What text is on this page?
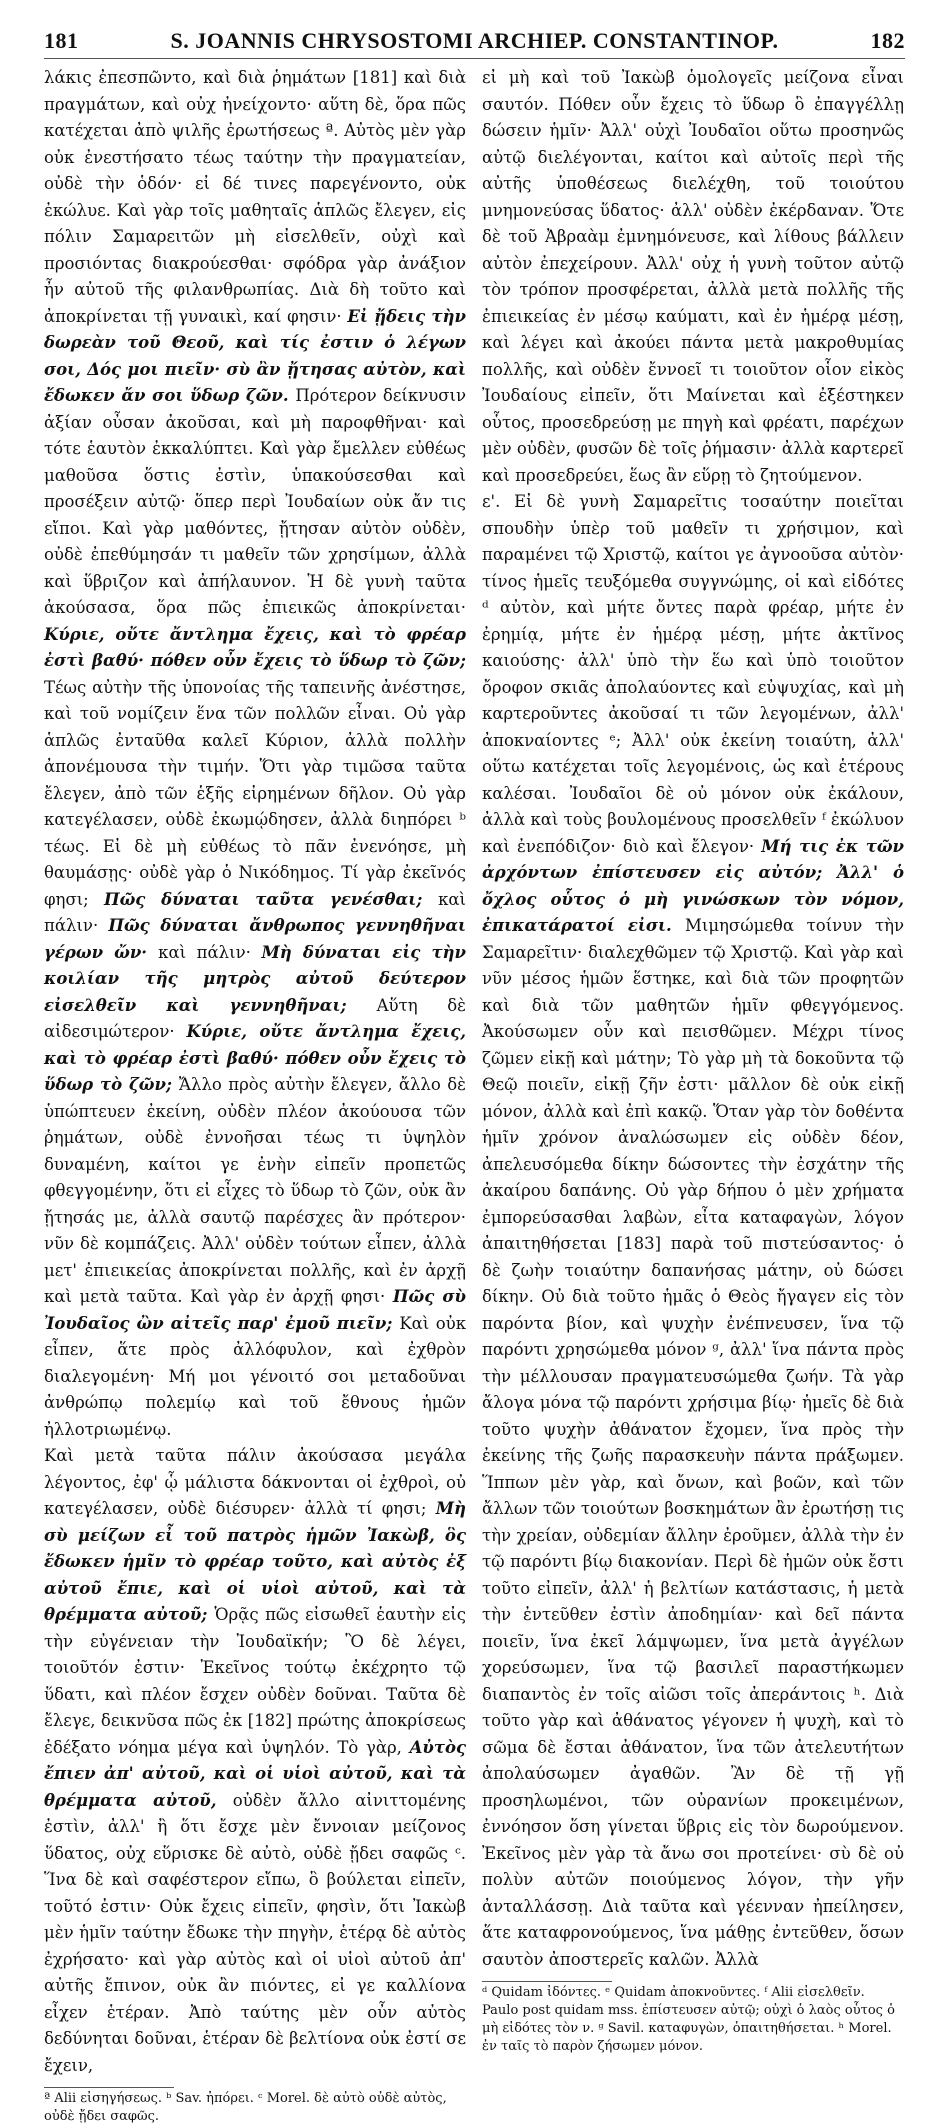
181	S. JOANNIS CHRYSOSTOMI ARCHIEP. CONSTANTINOP.	182

λάκις ἐπεσπῶντο, καὶ διὰ ῥημάτων [181] καὶ διὰ πραγμάτων, καὶ οὐχ ἠνείχοντο· αὕτη δὲ, ὅρα πῶς κατέχεται ἀπὸ ψιλῆς ἐρωτήσεως ª. Αὐτὸς μὲν γὰρ οὐκ ἐνεστήσατο τέως ταύτην τὴν πραγματείαν, οὐδὲ τὴν ὁδόν· εἰ δέ τινες παρεγένοντο, οὐκ ἐκώλυε. Καὶ γὰρ τοῖς μαθηταῖς ἁπλῶς ἔλεγεν, εἰς πόλιν Σαμαρειτῶν μὴ εἰσελθεῖν, οὐχὶ καὶ προσιόντας διακρούεσθαι· σφόδρα γὰρ ἀνάξιον ἦν αὐτοῦ τῆς φιλανθρωπίας. Διὰ δὴ τοῦτο καὶ ἀποκρίνεται τῇ γυναικὶ, καί φησιν· Εἰ ᾔδεις τὴν δωρεὰν τοῦ Θεοῦ, καὶ τίς ἐστιν ὁ λέγων σοι, Δός μοι πιεῖν· σὺ ἂν ᾔτησας αὐτὸν, καὶ ἔδωκεν ἄν σοι ὕδωρ ζῶν. Πρότερον δείκνυσιν ἀξίαν οὖσαν ἀκοῦσαι, καὶ μὴ παροφθῆναι· καὶ τότε ἑαυτὸν ἐκκαλύπτει. Καὶ γὰρ ἔμελλεν εὐθέως μαθοῦσα ὅστις ἐστὶν, ὑπακούσεσθαι καὶ προσέξειν αὐτῷ· ὅπερ περὶ Ἰουδαίων οὐκ ἄν τις εἴποι. Καὶ γὰρ μαθόντες, ᾔτησαν αὐτὸν οὐδὲν, οὐδὲ ἐπεθύμησάν τι μαθεῖν τῶν χρησίμων, ἀλλὰ καὶ ὕβριζον καὶ ἀπήλαυνον. Ἡ δὲ γυνὴ ταῦτα ἀκούσασα, ὅρα πῶς ἐπιεικῶς ἀποκρίνεται· Κύριε, οὔτε ἄντλημα ἔχεις, καὶ τὸ φρέαρ ἐστὶ βαθύ· πόθεν οὖν ἔχεις τὸ ὕδωρ τὸ ζῶν; Τέως αὐτὴν τῆς ὑπονοίας τῆς ταπεινῆς ἀνέστησε, καὶ τοῦ νομίζειν ἕνα τῶν πολλῶν εἶναι. Οὐ γὰρ ἁπλῶς ἐνταῦθα καλεῖ Κύριον, ἀλλὰ πολλὴν ἀπονέμουσα τὴν τιμήν. Ὅτι γὰρ τιμῶσα ταῦτα ἔλεγεν, ἀπὸ τῶν ἑξῆς εἰρημένων δῆλον. Οὐ γὰρ κατεγέλασεν, οὐδὲ ἐκωμῴδησεν, ἀλλὰ διηπόρει ᵇ τέως. Εἰ δὲ μὴ εὐθέως τὸ πᾶν ἐνενόησε, μὴ θαυμάσῃς· οὐδὲ γὰρ ὁ Νικόδημος. Τί γὰρ ἐκεῖνός φησι; Πῶς δύναται ταῦτα γενέσθαι; καὶ πάλιν· Πῶς δύναται ἄνθρωπος γεννηθῆναι γέρων ὤν· καὶ πάλιν· Μὴ δύναται εἰς τὴν κοιλίαν τῆς μητρὸς αὐτοῦ δεύτερον εἰσελθεῖν καὶ γεννηθῆναι; Αὕτη δὲ αἰδεσιμώτερον· Κύριε, οὔτε ἄντλημα ἔχεις, καὶ τὸ φρέαρ ἐστὶ βαθύ· πόθεν οὖν ἔχεις τὸ ὕδωρ τὸ ζῶν; Ἄλλο πρὸς αὐτὴν ἔλεγεν, ἄλλο δὲ ὑπώπτευεν ἐκείνη, οὐδὲν πλέον ἀκούουσα τῶν ῥημάτων, οὐδὲ ἐννοῆσαι τέως τι ὑψηλὸν δυναμένη, καίτοι γε ἐνὴν εἰπεῖν προπετῶς φθεγγομένην, ὅτι εἰ εἶχες τὸ ὕδωρ τὸ ζῶν, οὐκ ἂν ᾔτησάς με, ἀλλὰ σαυτῷ παρέσχες ἂν πρότερον· νῦν δὲ κομπάζεις. Ἀλλ' οὐδὲν τούτων εἶπεν, ἀλλὰ μετ' ἐπιεικείας ἀποκρίνεται πολλῆς, καὶ ἐν ἀρχῇ καὶ μετὰ ταῦτα. Καὶ γὰρ ἐν ἀρχῇ φησι· Πῶς σὺ Ἰουδαῖος ὢν αἰτεῖς παρ' ἐμοῦ πιεῖν; Καὶ οὐκ εἶπεν, ἅτε πρὸς ἀλλόφυλον, καὶ ἐχθρὸν διαλεγομένη· Μή μοι γένοιτό σοι μεταδοῦναι ἀνθρώπῳ πολεμίῳ καὶ τοῦ ἔθνους ἡμῶν ἠλλοτριωμένῳ.

Καὶ μετὰ ταῦτα πάλιν ἀκούσασα μεγάλα λέγοντος, ἐφ' ᾧ μάλιστα δάκνονται οἱ ἐχθροὶ, οὐ κατεγέλασεν, οὐδὲ διέσυρεν· ἀλλὰ τί φησι; Μὴ σὺ μείζων εἶ τοῦ πατρὸς ἡμῶν Ἰακὼβ, ὃς ἔδωκεν ἡμῖν τὸ φρέαρ τοῦτο, καὶ αὐτὸς ἐξ αὐτοῦ ἔπιε, καὶ οἱ υἱοὶ αὐτοῦ, καὶ τὰ θρέμματα αὐτοῦ; Ὁρᾷς πῶς εἰσωθεῖ ἑαυτὴν εἰς τὴν εὐγένειαν τὴν Ἰουδαϊκήν; Ὃ δὲ λέγει, τοιοῦτόν ἐστιν· Ἐκεῖνος τούτῳ ἐκέχρητο τῷ ὕδατι, καὶ πλέον ἔσχεν οὐδὲν δοῦναι. Ταῦτα δὲ ἔλεγε, δεικνῦσα πῶς ἐκ [182] πρώτης ἀποκρίσεως ἐδέξατο νόημα μέγα καὶ ὑψηλόν. Τὸ γὰρ, Αὐτὸς ἔπιεν ἀπ' αὐτοῦ, καὶ οἱ υἱοὶ αὐτοῦ, καὶ τὰ θρέμματα αὐτοῦ, οὐδὲν ἄλλο αἰνιττομένης ἐστὶν, ἀλλ' ἢ ὅτι ἔσχε μὲν ἔννοιαν μείζονος ὕδατος, οὐχ εὕρισκε δὲ αὐτὸ, οὐδὲ ᾔδει σαφῶς ᶜ. Ἵνα δὲ καὶ σαφέστερον εἴπω, ὃ βούλεται εἰπεῖν, τοῦτό ἐστιν· Οὐκ ἔχεις εἰπεῖν, φησὶν, ὅτι Ἰακὼβ μὲν ἡμῖν ταύτην ἔδωκε τὴν πηγὴν, ἑτέρᾳ δὲ αὐτὸς ἐχρήσατο· καὶ γὰρ αὐτὸς καὶ οἱ υἱοὶ αὐτοῦ ἀπ' αὐτῆς ἔπινον, οὐκ ἂν πιόντες, εἰ γε καλλίονα εἶχεν ἑτέραν. Ἀπὸ ταύτης μὲν οὖν αὐτὸς δεδύνηται δοῦναι, ἑτέραν δὲ βελτίονα οὐκ ἐστί σε ἔχειν,

ª Alii εἰσηγήσεως. ᵇ Sav. ἠπόρει. ᶜ Morel. δὲ αὐτὸ οὐδὲ αὐτὸς, οὐδὲ ᾔδει σαφῶς.

εἰ μὴ καὶ τοῦ Ἰακὼβ ὁμολογεῖς μείζονα εἶναι σαυτόν. Πόθεν οὖν ἔχεις τὸ ὕδωρ ὃ ἐπαγγέλλῃ δώσειν ἡμῖν· Ἀλλ' οὐχὶ Ἰουδαῖοι οὕτω προσηνῶς αὐτῷ διελέγονται, καίτοι καὶ αὐτοῖς περὶ τῆς αὐτῆς ὑποθέσεως διελέχθη, τοῦ τοιούτου μνημονεύσας ὕδατος· ἀλλ' οὐδὲν ἐκέρδαναν. Ὅτε δὲ τοῦ Ἀβραὰμ ἐμνημόνευσε, καὶ λίθους βάλλειν αὐτὸν ἐπεχείρουν. Ἀλλ' οὐχ ἡ γυνὴ τοῦτον αὐτῷ τὸν τρόπον προσφέρεται, ἀλλὰ μετὰ πολλῆς τῆς ἐπιεικείας ἐν μέσῳ καύματι, καὶ ἐν ἡμέρᾳ μέσῃ, καὶ λέγει καὶ ἀκούει πάντα μετὰ μακροθυμίας πολλῆς, καὶ οὐδὲν ἔννοεῖ τι τοιοῦτον οἷον εἰκὸς Ἰουδαίους εἰπεῖν, ὅτι Μαίνεται καὶ ἐξέστηκεν οὗτος, προσεδρεύσῃ με πηγὴ καὶ φρέατι, παρέχων μὲν οὐδὲν, φυσῶν δὲ τοῖς ῥήμασιν· ἀλλὰ καρτερεῖ καὶ προσεδρεύει, ἕως ἂν εὕρῃ τὸ ζητούμενον.

ε'. Εἰ δὲ γυνὴ Σαμαρεῖτις τοσαύτην ποιεῖται σπουδὴν ὑπὲρ τοῦ μαθεῖν τι χρήσιμον, καὶ παραμένει τῷ Χριστῷ, καίτοι γε ἀγνοοῦσα αὐτὸν· τίνος ἡμεῖς τευξόμεθα συγγνώμης, οἱ καὶ εἰδότες ᵈ αὐτὸν, καὶ μήτε ὄντες παρὰ φρέαρ, μήτε ἐν ἐρημίᾳ, μήτε ἐν ἡμέρᾳ μέσῃ, μήτε ἀκτῖνος καιούσης· ἀλλ' ὑπὸ τὴν ἕω καὶ ὑπὸ τοιοῦτον ὄροφον σκιᾶς ἀπολαύοντες καὶ εὐψυχίας, καὶ μὴ καρτεροῦντες ἀκοῦσαί τι τῶν λεγομένων, ἀλλ' ἀποκναίοντες ᵉ; Ἀλλ' οὐκ ἐκείνη τοιαύτη, ἀλλ' οὕτω κατέχεται τοῖς λεγομένοις, ὡς καὶ ἑτέρους καλέσαι. Ἰουδαῖοι δὲ οὐ μόνον οὐκ ἐκάλουν, ἀλλὰ καὶ τοὺς βουλομένους προσελθεῖν ᶠ ἐκώλυον καὶ ἐνεπόδιζον· διὸ καὶ ἔλεγον· Μή τις ἐκ τῶν ἀρχόντων ἐπίστευσεν εἰς αὐτόν; Ἀλλ' ὁ ὄχλος οὗτος ὁ μὴ γινώσκων τὸν νόμον, ἐπικατάρατοί εἰσι. Μιμησώμεθα τοίνυν τὴν Σαμαρεῖτιν· διαλεχθῶμεν τῷ Χριστῷ. Καὶ γὰρ καὶ νῦν μέσος ἡμῶν ἕστηκε, καὶ διὰ τῶν προφητῶν καὶ διὰ τῶν μαθητῶν ἡμῖν φθεγγόμενος. Ἀκούσωμεν οὖν καὶ πεισθῶμεν. Μέχρι τίνος ζῶμεν εἰκῇ καὶ μάτην; Τὸ γὰρ μὴ τὰ δοκοῦντα τῷ Θεῷ ποιεῖν, εἰκῇ ζῆν ἐστι· μᾶλλον δὲ οὐκ εἰκῇ μόνον, ἀλλὰ καὶ ἐπὶ κακῷ. Ὅταν γὰρ τὸν δοθέντα ἡμῖν χρόνον ἀναλώσωμεν εἰς οὐδὲν δέον, ἀπελευσόμεθα δίκην δώσοντες τὴν ἐσχάτην τῆς ἀκαίρου δαπάνης. Οὐ γὰρ δήπου ὁ μὲν χρήματα ἐμπορεύσασθαι λαβὼν, εἶτα καταφαγὼν, λόγον ἀπαιτηθήσεται [183] παρὰ τοῦ πιστεύσαντος· ὁ δὲ ζωὴν τοιαύτην δαπανήσας μάτην, οὐ δώσει δίκην. Οὐ διὰ τοῦτο ἡμᾶς ὁ Θεὸς ἤγαγεν εἰς τὸν παρόντα βίον, καὶ ψυχὴν ἐνέπνευσεν, ἵνα τῷ παρόντι χρησώμεθα μόνον ᵍ, ἀλλ' ἵνα πάντα πρὸς τὴν μέλλουσαν πραγματευσώμεθα ζωήν. Τὰ γὰρ ἄλογα μόνα τῷ παρόντι χρήσιμα βίῳ· ἡμεῖς δὲ διὰ τοῦτο ψυχὴν ἀθάνατον ἔχομεν, ἵνα πρὸς τὴν ἐκείνης τῆς ζωῆς παρασκευὴν πάντα πράξωμεν. Ἵππων μὲν γὰρ, καὶ ὄνων, καὶ βοῶν, καὶ τῶν ἄλλων τῶν τοιούτων βοσκημάτων ἂν ἐρωτήσῃ τις τὴν χρείαν, οὐδεμίαν ἄλλην ἐροῦμεν, ἀλλὰ τὴν ἐν τῷ παρόντι βίῳ διακονίαν. Περὶ δὲ ἡμῶν οὐκ ἔστι τοῦτο εἰπεῖν, ἀλλ' ἡ βελτίων κατάστασις, ἡ μετὰ τὴν ἐντεῦθεν ἐστὶν ἀποδημίαν· καὶ δεῖ πάντα ποιεῖν, ἵνα ἐκεῖ λάμψωμεν, ἵνα μετὰ ἀγγέλων χορεύσωμεν, ἵνα τῷ βασιλεῖ παραστήκωμεν διαπαντὸς ἐν τοῖς αἰῶσι τοῖς ἀπεράντοις ʰ. Διὰ τοῦτο γὰρ καὶ ἀθάνατος γέγονεν ἡ ψυχὴ, καὶ τὸ σῶμα δὲ ἔσται ἀθάνατον, ἵνα τῶν ἀτελευτήτων ἀπολαύσωμεν ἀγαθῶν. Ἂν δὲ τῇ γῇ προσηλωμένοι, τῶν οὐρανίων προκειμένων, ἐννόησον ὅση γίνεται ὕβρις εἰς τὸν δωρούμενον. Ἐκεῖνος μὲν γὰρ τὰ ἄνω σοι προτείνει· σὺ δὲ οὐ πολὺν αὐτῶν ποιούμενος λόγον, τὴν γῆν ἀνταλλάσσῃ. Διὰ ταῦτα καὶ γέενναν ἠπείλησεν, ἅτε καταφρονούμενος, ἵνα μάθῃς ἐντεῦθεν, ὅσων σαυτὸν ἀποστερεῖς καλῶν. Ἀλλὰ

ᵈ Quidam ἰδόντες. ᵉ Quidam ἀποκνοῦντες. ᶠ Alii εἰσελθεῖν. Paulo post quidam mss. ἐπίστευσεν αὐτῷ; οὐχὶ ὁ λαὸς οὗτος ὁ μὴ εἰδότες τὸν ν. ᵍ Savil. καταφυγὼν, ὀπαιτηθήσεται. ʰ Morel. ἐν ταῖς τὸ παρὸν ζήσωμεν μόνον.
